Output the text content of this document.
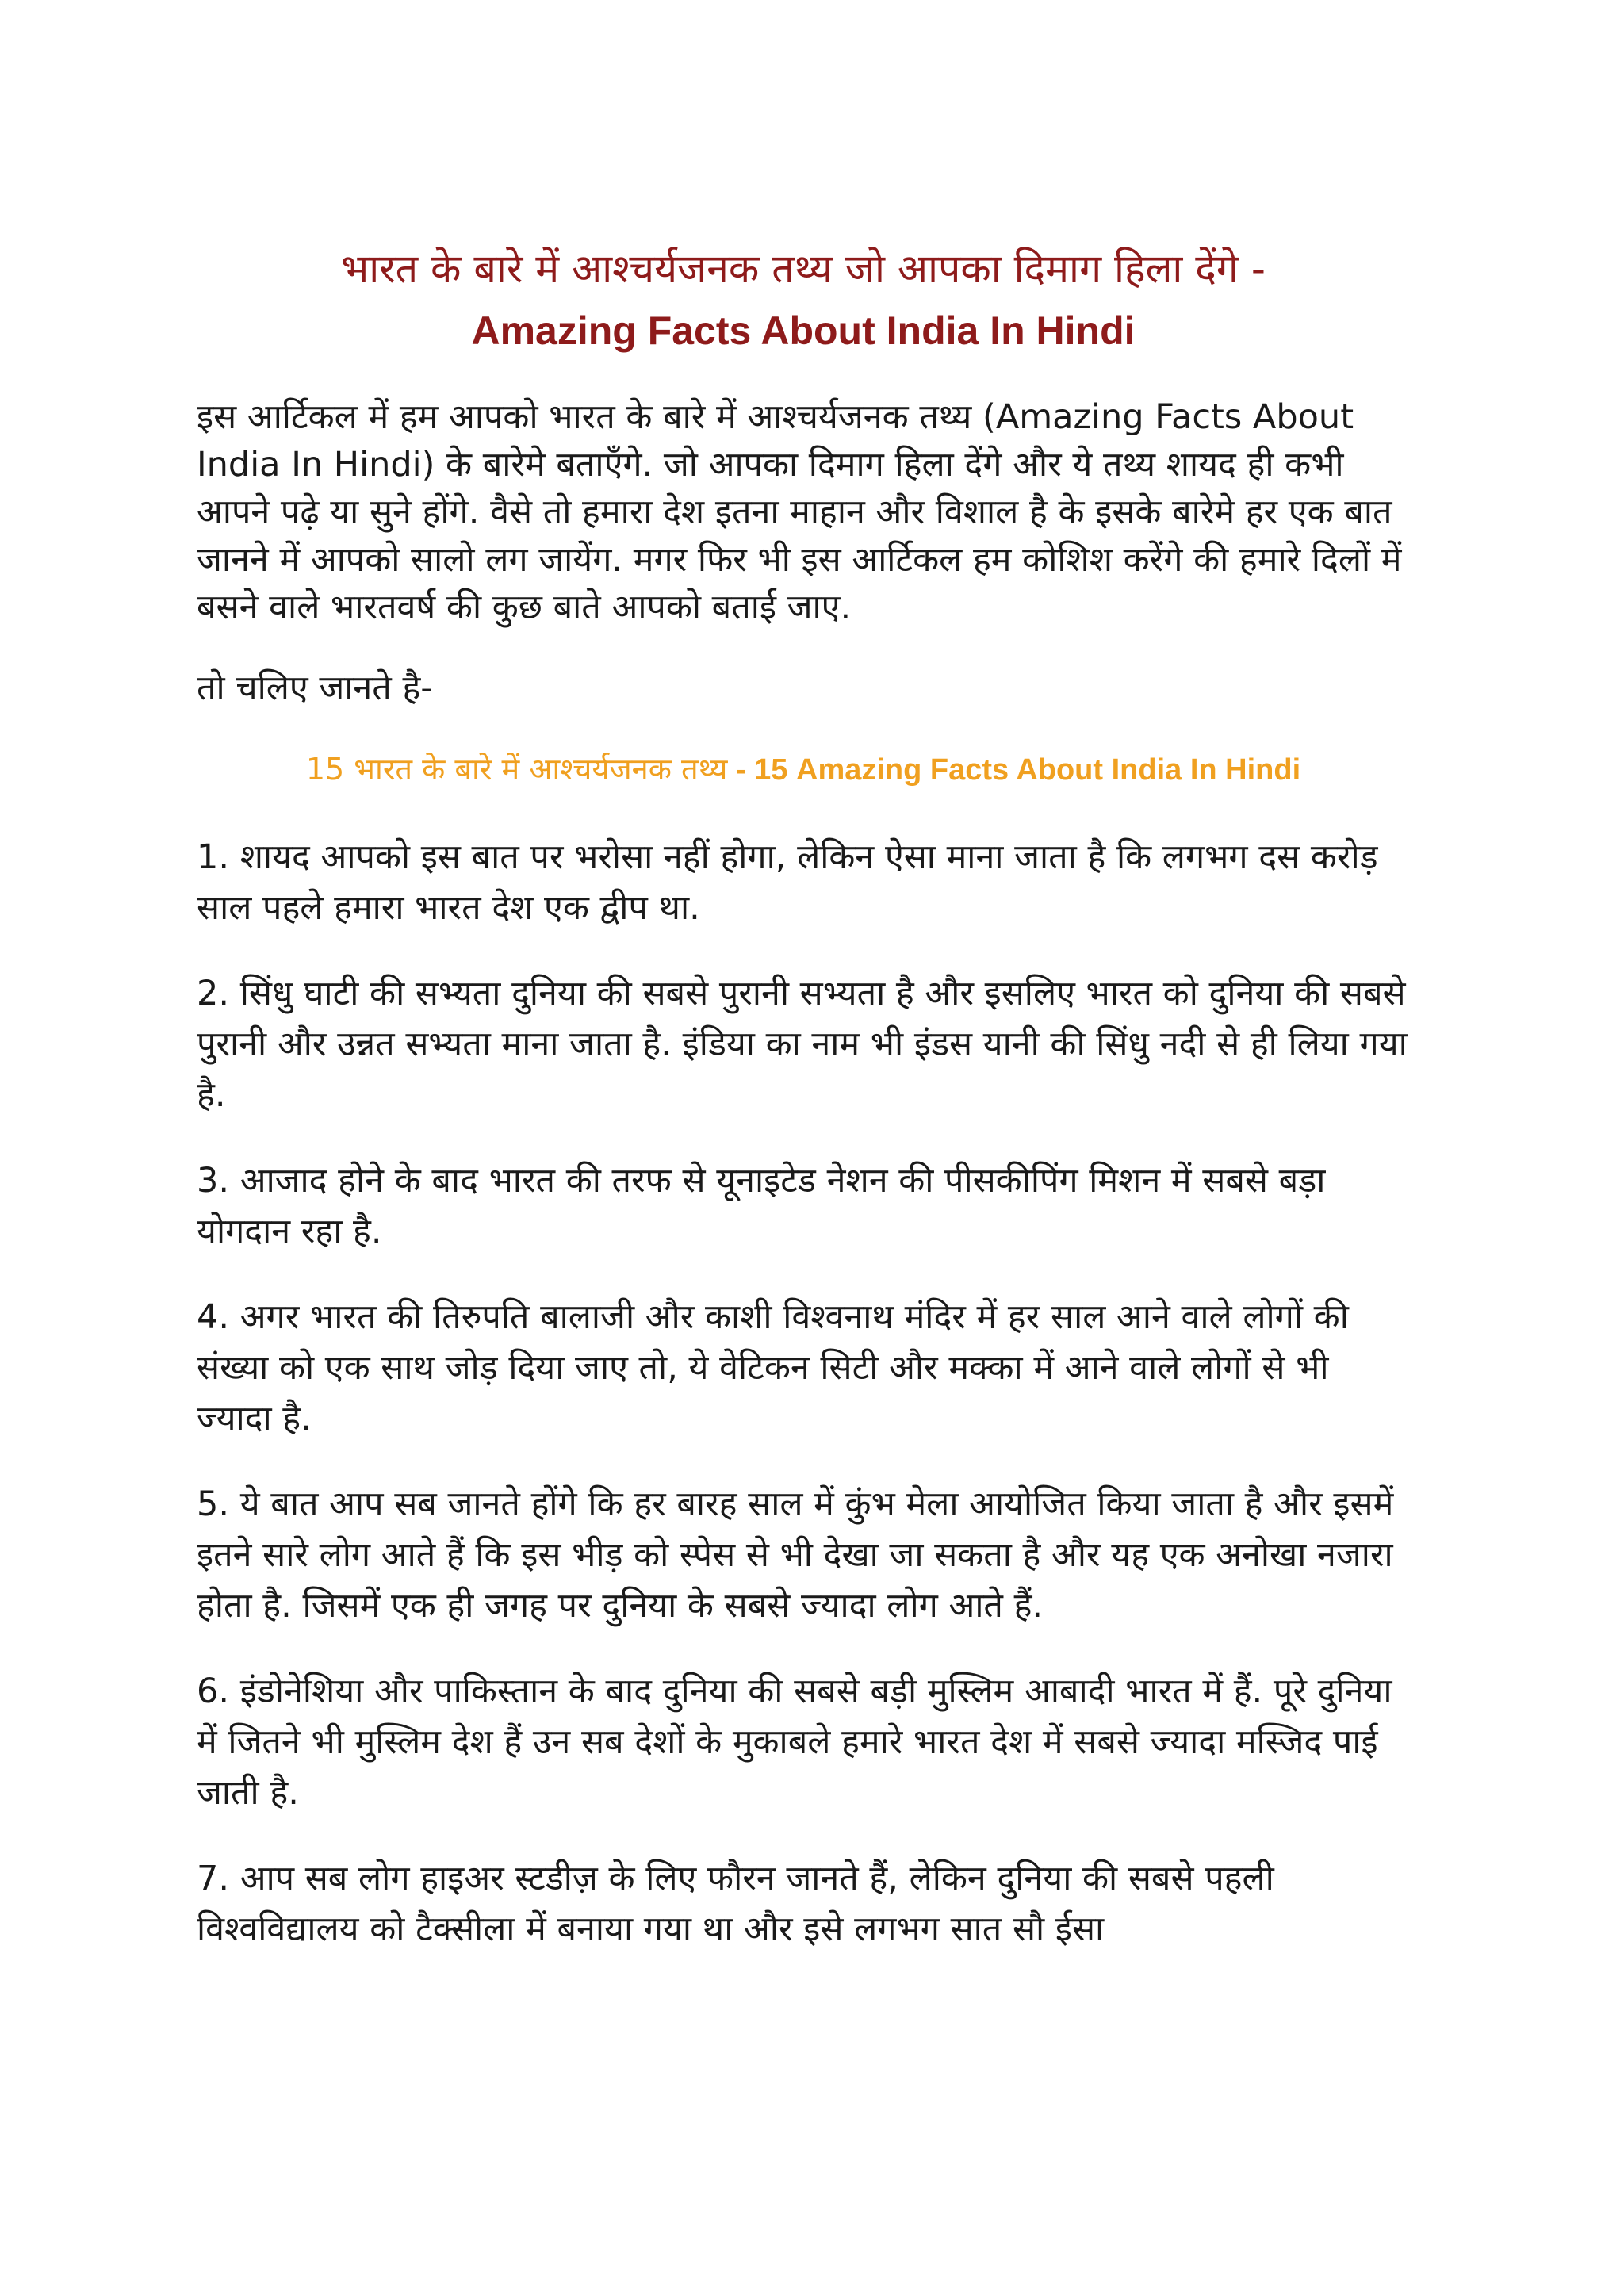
भारत के बारे में आश्चर्यजनक तथ्य जो आपका दिमाग हिला देंगे -
Amazing Facts About India In Hindi

इस आर्टिकल में हम आपको भारत के बारे में आश्चर्यजनक तथ्य (Amazing Facts About India In Hindi) के बारेमे बताएँगे. जो आपका दिमाग हिला देंगे और ये तथ्य शायद ही कभी आपने पढ़े या सुने होंगे. वैसे तो हमारा देश इतना माहान और विशाल है के इसके बारेमे हर एक बात जानने में आपको सालो लग जायेंग. मगर फिर भी इस आर्टिकल हम कोशिश करेंगे की हमारे दिलों में बसने वाले भारतवर्ष की कुछ बाते आपको बताई जाए.

तो चलिए जानते है-

15 भारत के बारे में आश्चर्यजनक तथ्य - 15 Amazing Facts About India In Hindi

1. शायद आपको इस बात पर भरोसा नहीं होगा, लेकिन ऐसा माना जाता है कि लगभग दस करोड़ साल पहले हमारा भारत देश एक द्वीप था.

2. सिंधु घाटी की सभ्यता दुनिया की सबसे पुरानी सभ्यता है और इसलिए भारत को दुनिया की सबसे पुरानी और उन्नत सभ्यता माना जाता है. इंडिया का नाम भी इंडस यानी की सिंधु नदी से ही लिया गया है.

3. आजाद होने के बाद भारत की तरफ से यूनाइटेड नेशन की पीसकीपिंग मिशन में सबसे बड़ा योगदान रहा है.

4. अगर भारत की तिरुपति बालाजी और काशी विश्वनाथ मंदिर में हर साल आने वाले लोगों की संख्या को एक साथ जोड़ दिया जाए तो, ये वेटिकन सिटी और मक्का में आने वाले लोगों से भी ज्यादा है.

5. ये बात आप सब जानते होंगे कि हर बारह साल में कुंभ मेला आयोजित किया जाता है और इसमें इतने सारे लोग आते हैं कि इस भीड़ को स्पेस से भी देखा जा सकता है और यह एक अनोखा नजारा होता है. जिसमें एक ही जगह पर दुनिया के सबसे ज्यादा लोग आते हैं.

6. इंडोनेशिया और पाकिस्तान के बाद दुनिया की सबसे बड़ी मुस्लिम आबादी भारत में हैं. पूरे दुनिया में जितने भी मुस्लिम देश हैं उन सब देशों के मुकाबले हमारे भारत देश में सबसे ज्यादा मस्जिद पाई जाती है.

7. आप सब लोग हाइअर स्टडीज़ के लिए फौरन जानते हैं, लेकिन दुनिया की सबसे पहली विश्वविद्यालय को टैक्सीला में बनाया गया था और इसे लगभग सात सौ ईसा
